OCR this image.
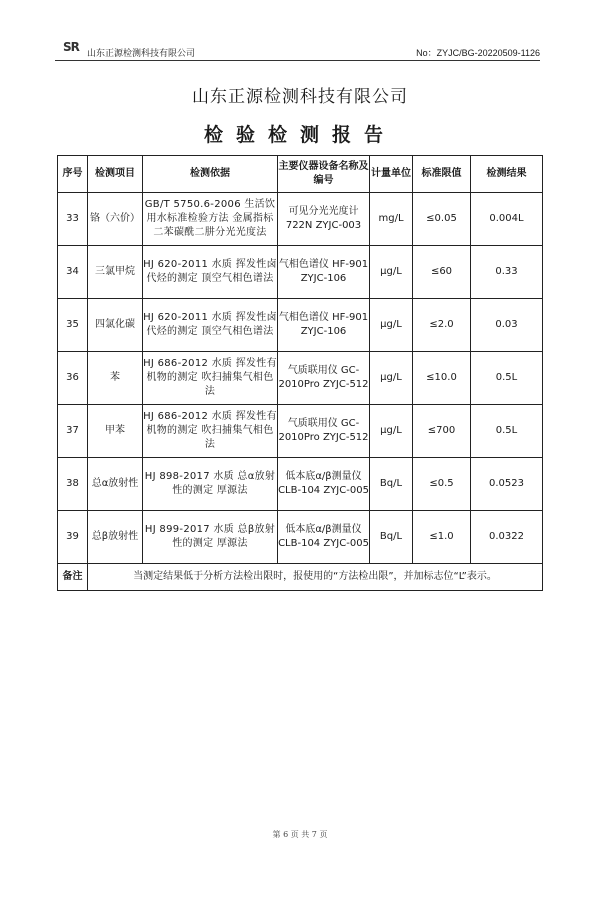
SR 山东正源检测科技有限公司	No：ZYJC/BG-20220509-1126
山东正源检测科技有限公司
检验检测报告
序号	检测项目	检测依据	主要仪器设备名称及编号	计量单位	标准限值	检测结果
33	铬（六价）	GB/T 5750.6-2006 生活饮用水标准检验方法 金属指标 二苯碳酰二肼分光光度法	可见分光光度计 722N ZYJC-003	mg/L	≤0.05	0.004L
34	三氯甲烷	HJ 620-2011 水质 挥发性卤代烃的测定 顶空气相色谱法	气相色谱仪 HF-901 ZYJC-106	μg/L	≤60	0.33
35	四氯化碳	HJ 620-2011 水质 挥发性卤代烃的测定 顶空气相色谱法	气相色谱仪 HF-901 ZYJC-106	μg/L	≤2.0	0.03
36	苯	HJ 686-2012 水质 挥发性有机物的测定 吹扫捕集气相色法	气质联用仪 GC-2010Pro ZYJC-512	μg/L	≤10.0	0.5L
37	甲苯	HJ 686-2012 水质 挥发性有机物的测定 吹扫捕集气相色法	气质联用仪 GC-2010Pro ZYJC-512	μg/L	≤700	0.5L
38	总α放射性	HJ 898-2017 水质 总α放射性的测定 厚源法	低本底α/β测量仪 CLB-104 ZYJC-005	Bq/L	≤0.5	0.0523
39	总β放射性	HJ 899-2017 水质 总β放射性的测定 厚源法	低本底α/β测量仪 CLB-104 ZYJC-005	Bq/L	≤1.0	0.0322
备注	当测定结果低于分析方法检出限时，报使用的“方法检出限”，并加标志位“L”表示。					
第 6 页 共 7 页
